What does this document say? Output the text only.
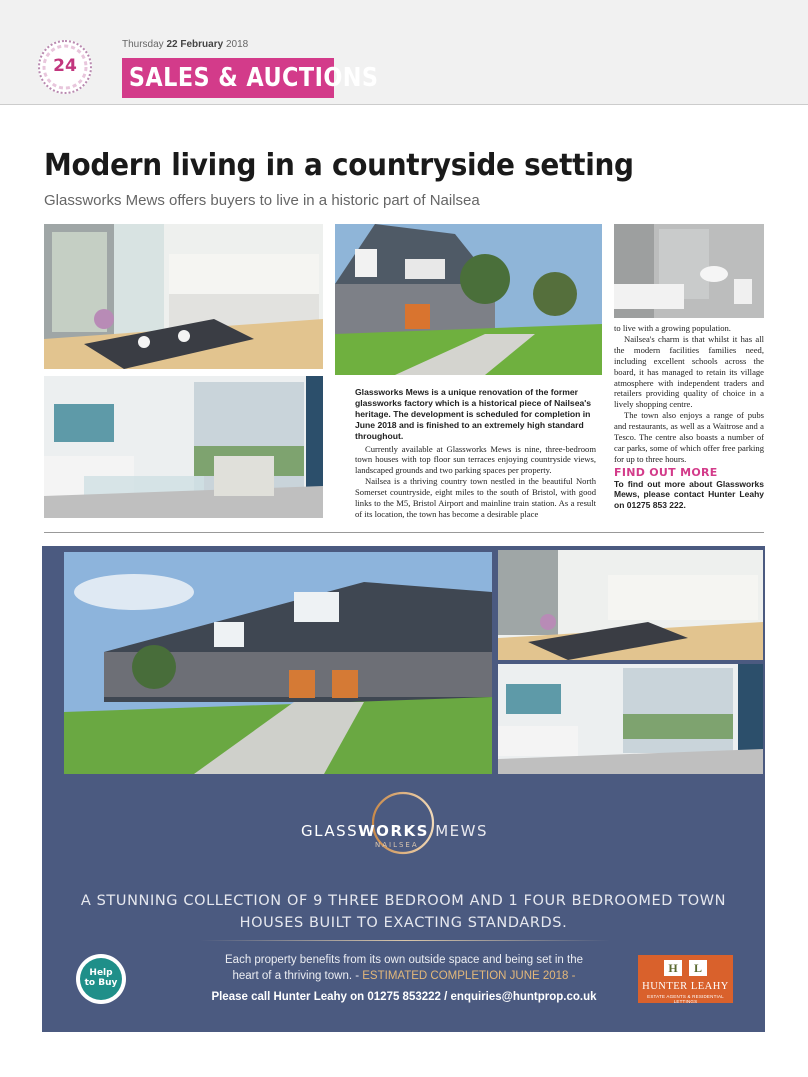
24
Thursday 22 February 2018
SALES & AUCTIONS
Modern living in a countryside setting
Glassworks Mews offers buyers to live in a historic part of Nailsea

Glassworks Mews is a unique renovation of the former glassworks factory which is a historical piece of Nailsea's heritage. The development is scheduled for completion in June 2018 and is finished to an extremely high standard throughout.

Currently available at Glassworks Mews is nine, three-bedroom town houses with top floor sun terraces enjoying countryside views, landscaped grounds and two parking spaces per property.

Nailsea is a thriving country town nestled in the beautiful North Somerset countryside, eight miles to the south of Bristol, with good links to the M5, Bristol Airport and mainline train station. As a result of its location, the town has become a desirable place

to live with a growing population.

Nailsea's charm is that whilst it has all the modern facilities families need, including excellent schools across the board, it has managed to retain its village atmosphere with independent traders and retailers providing quality of choice in a lively shopping centre.

The town also enjoys a range of pubs and restaurants, as well as a Waitrose and a Tesco. The centre also boasts a number of car parks, some of which offer free parking for up to three hours.

FIND OUT MORE
To find out more about Glassworks Mews, please contact Hunter Leahy on 01275 853 222.
GLASSWORKS MEWS
NAILSEA
A STUNNING COLLECTION OF 9 THREE BEDROOM AND 1 FOUR BEDROOMED TOWN
HOUSES BUILT TO EXACTING STANDARDS.
Each property benefits from its own outside space and being set in the
heart of a thriving town. - ESTIMATED COMPLETION JUNE 2018 -
Please call Hunter Leahy on 01275 853222 / enquiries@huntprop.co.uk
Help
to Buy
H	L
HUNTER LEAHY
ESTATE AGENTS & RESIDENTIAL LETTINGS
